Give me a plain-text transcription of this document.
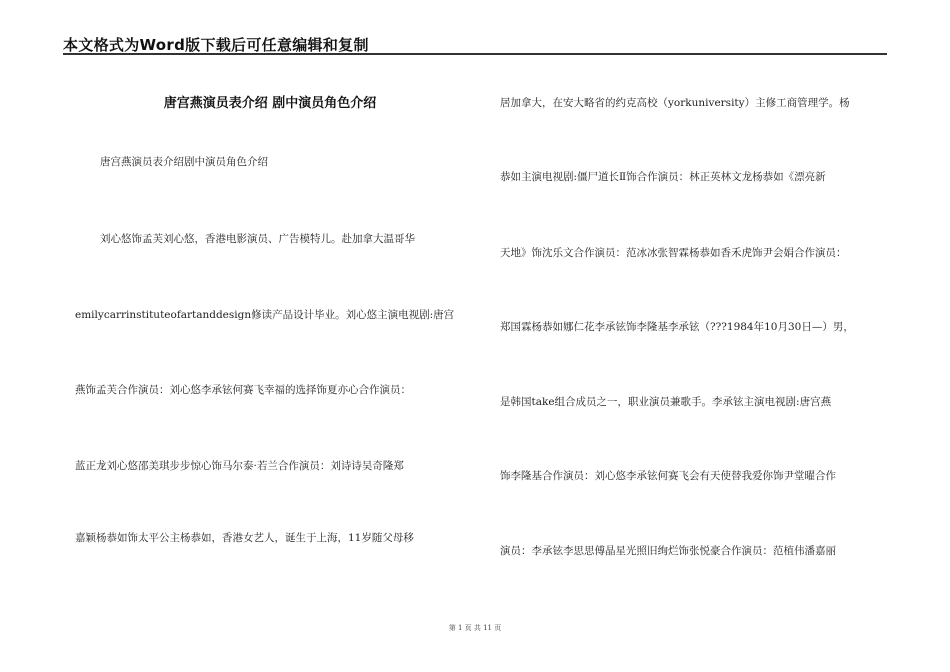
本文格式为Word版下载后可任意编辑和复制
唐宫燕演员表介绍 剧中演员角色介绍
唐宫燕演员表介绍剧中演员角色介绍
刘心悠饰孟芙刘心悠，香港电影演员、广告模特儿。赴加拿大温哥华
emilycarrinstituteofartanddesign修读产品设计毕业。刘心悠主演电视剧:唐宫
燕饰孟芙合作演员：刘心悠李承铉何赛飞幸福的选择饰夏亦心合作演员：
蓝正龙刘心悠邵美琪步步惊心饰马尔泰·若兰合作演员：刘诗诗吴奇隆郑
嘉颖杨恭如饰太平公主杨恭如，香港女艺人，诞生于上海，11岁随父母移
居加拿大，在安大略省的约克高校（yorkuniversity）主修工商管理学。杨
恭如主演电视剧:僵尸道长Ⅱ饰合作演员：林正英林文龙杨恭如《漂亮新
天地》饰沈乐文合作演员：范冰冰张智霖杨恭如香禾虎饰尹会娟合作演员：
郑国霖杨恭如娜仁花李承铉饰李隆基李承铉（???1984年10月30日—）男，
是韩国take组合成员之一，职业演员兼歌手。李承铉主演电视剧:唐宫燕
饰李隆基合作演员：刘心悠李承铉何赛飞会有天使替我爱你饰尹堂曜合作
演员：李承铉李思思傅晶星光照旧绚烂饰张悦豪合作演员：范植伟潘嘉丽
第 1 页 共 11 页
